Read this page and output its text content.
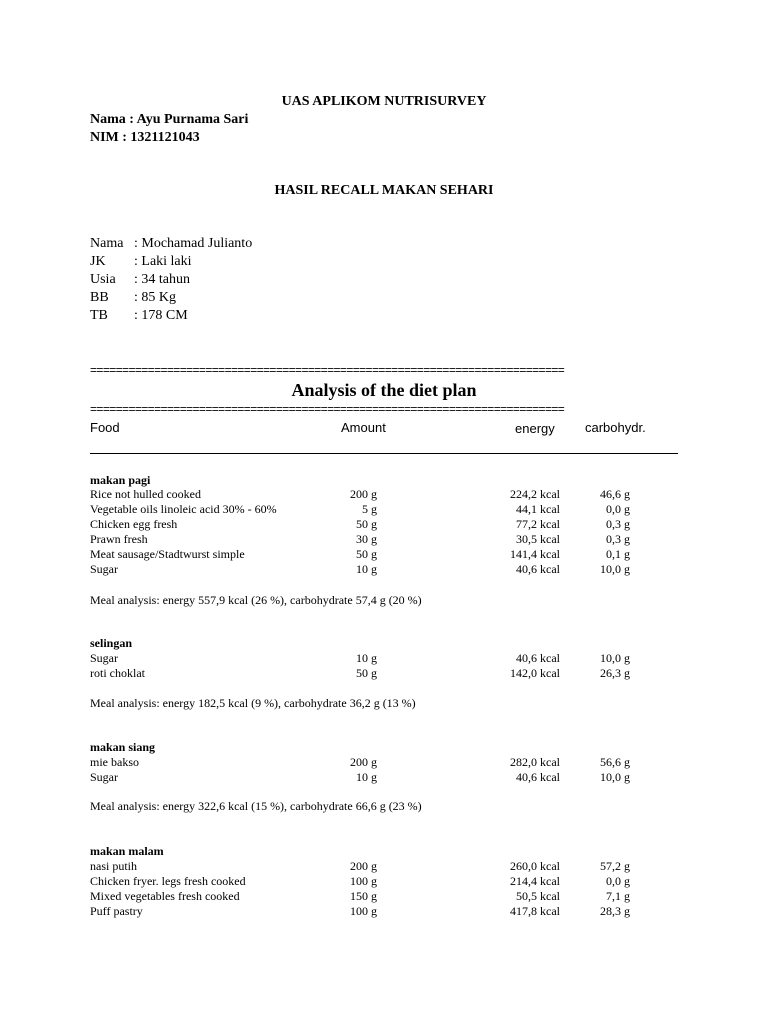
UAS APLIKOM NUTRISURVEY
Nama : Ayu Purnama Sari
NIM : 1321121043
HASIL RECALL MAKAN SEHARI
Nama : Mochamad Julianto
JK : Laki laki
Usia : 34 tahun
BB : 85 Kg
TB : 178 CM
==========================================================================
Analysis of the diet plan
==========================================================================
Food	Amount	energy carbohydr.
makan pagi
Rice not hulled cooked	200 g	224,2 kcal	46,6 g
Vegetable oils linoleic acid 30% - 60%	5 g	44,1 kcal	0,0 g
Chicken egg fresh	50 g	77,2 kcal	0,3 g
Prawn fresh	30 g	30,5 kcal	0,3 g
Meat sausage/Stadtwurst simple	50 g	141,4 kcal	0,1 g
Sugar	10 g	40,6 kcal	10,0 g
Meal analysis: energy 557,9 kcal (26 %), carbohydrate 57,4 g (20 %)
selingan
Sugar	10 g	40,6 kcal	10,0 g
roti choklat	50 g	142,0 kcal	26,3 g
Meal analysis: energy 182,5 kcal (9 %), carbohydrate 36,2 g (13 %)
makan siang
mie bakso	200 g	282,0 kcal	56,6 g
Sugar	10 g	40,6 kcal	10,0 g
Meal analysis: energy 322,6 kcal (15 %), carbohydrate 66,6 g (23 %)
makan malam
nasi putih	200 g	260,0 kcal	57,2 g
Chicken fryer. legs fresh cooked	100 g	214,4 kcal	0,0 g
Mixed vegetables fresh cooked	150 g	50,5 kcal	7,1 g
Puff pastry	100 g	417,8 kcal	28,3 g
